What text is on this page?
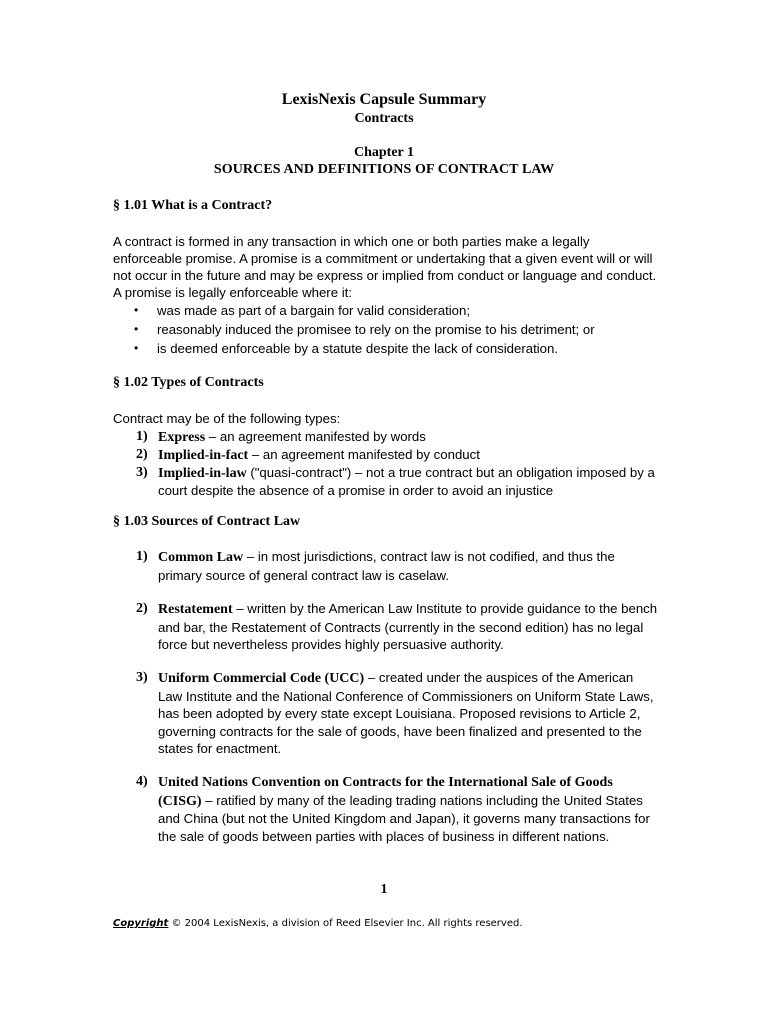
LexisNexis Capsule Summary
Contracts
Chapter 1
SOURCES AND DEFINITIONS OF CONTRACT LAW
§ 1.01 What is a Contract?

A contract is formed in any transaction in which one or both parties make a legally enforceable promise. A promise is a commitment or undertaking that a given event will or will not occur in the future and may be express or implied from conduct or language and conduct. A promise is legally enforceable where it:

• was made as part of a bargain for valid consideration;
• reasonably induced the promisee to rely on the promise to his detriment; or
• is deemed enforceable by a statute despite the lack of consideration.
§ 1.02 Types of Contracts

Contract may be of the following types:

1) Express – an agreement manifested by words
2) Implied-in-fact – an agreement manifested by conduct
3) Implied-in-law ("quasi-contract") – not a true contract but an obligation imposed by a court despite the absence of a promise in order to avoid an injustice
§ 1.03 Sources of Contract Law
1) Common Law – in most jurisdictions, contract law is not codified, and thus the primary source of general contract law is caselaw.
2) Restatement – written by the American Law Institute to provide guidance to the bench and bar, the Restatement of Contracts (currently in the second edition) has no legal force but nevertheless provides highly persuasive authority.
3) Uniform Commercial Code (UCC) – created under the auspices of the American Law Institute and the National Conference of Commissioners on Uniform State Laws, has been adopted by every state except Louisiana. Proposed revisions to Article 2, governing contracts for the sale of goods, have been finalized and presented to the states for enactment.
4) United Nations Convention on Contracts for the International Sale of Goods (CISG) – ratified by many of the leading trading nations including the United States and China (but not the United Kingdom and Japan), it governs many transactions for the sale of goods between parties with places of business in different nations.
1
Copyright © 2004 LexisNexis, a division of Reed Elsevier Inc. All rights reserved.
